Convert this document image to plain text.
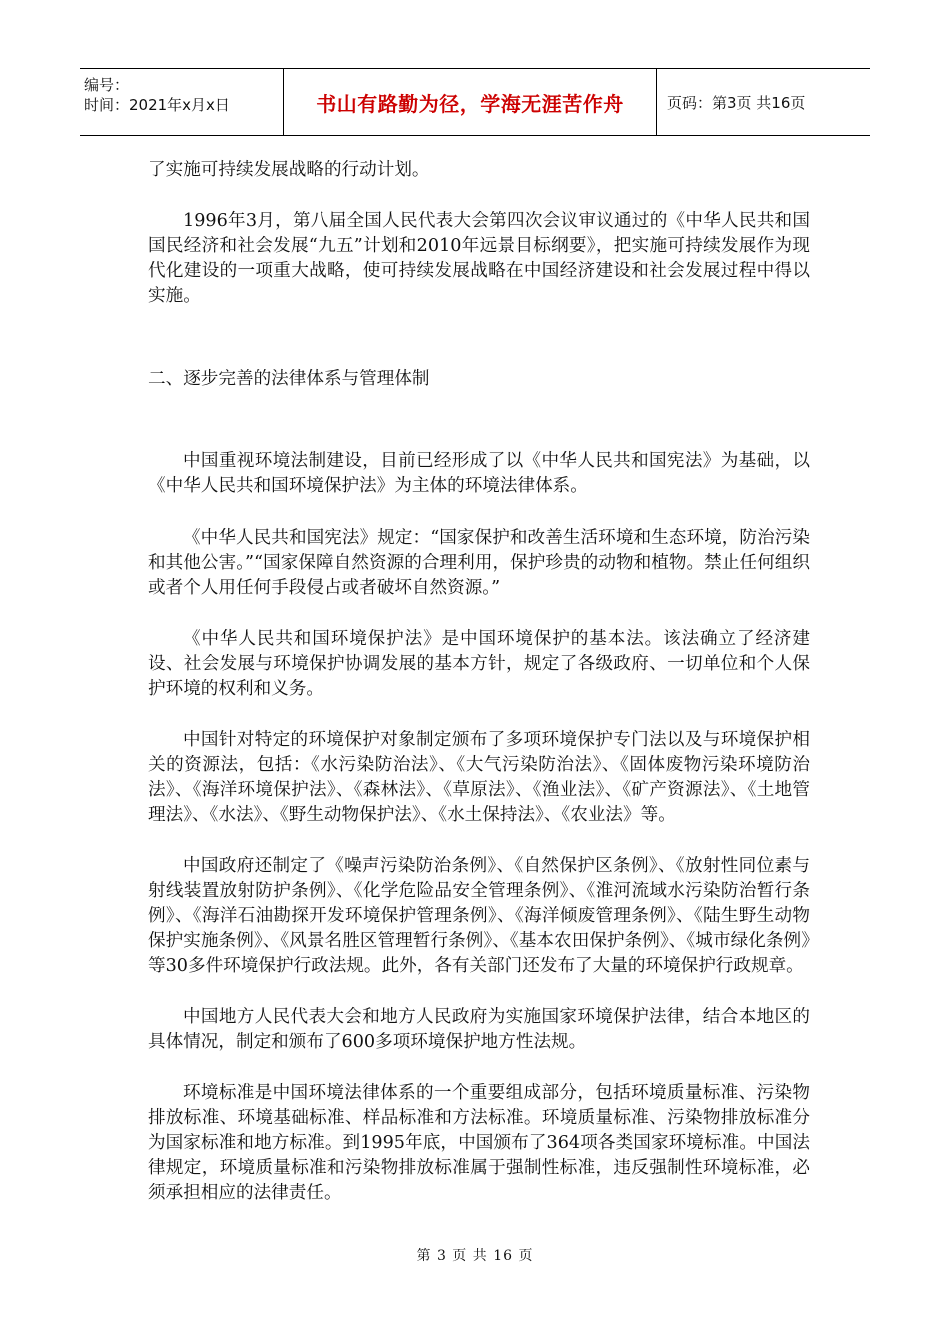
编号：
时间：2021年x月x日	书山有路勤为径，学海无涯苦作舟	页码：第3页 共16页

了实施可持续发展战略的行动计划。

1996年3月，第八届全国人民代表大会第四次会议审议通过的《中华人民共和国国民经济和社会发展“九五”计划和2010年远景目标纲要》，把实施可持续发展作为现代化建设的一项重大战略，使可持续发展战略在中国经济建设和社会发展过程中得以实施。

二、逐步完善的法律体系与管理体制

中国重视环境法制建设，目前已经形成了以《中华人民共和国宪法》为基础，以《中华人民共和国环境保护法》为主体的环境法律体系。

《中华人民共和国宪法》规定：“国家保护和改善生活环境和生态环境，防治污染和其他公害。”“国家保障自然资源的合理利用，保护珍贵的动物和植物。禁止任何组织或者个人用任何手段侵占或者破坏自然资源。”

《中华人民共和国环境保护法》是中国环境保护的基本法。该法确立了经济建设、社会发展与环境保护协调发展的基本方针，规定了各级政府、一切单位和个人保护环境的权利和义务。

中国针对特定的环境保护对象制定颁布了多项环境保护专门法以及与环境保护相关的资源法，包括：《水污染防治法》、《大气污染防治法》、《固体废物污染环境防治法》、《海洋环境保护法》、《森林法》、《草原法》、《渔业法》、《矿产资源法》、《土地管理法》、《水法》、《野生动物保护法》、《水土保持法》、《农业法》等。

中国政府还制定了《噪声污染防治条例》、《自然保护区条例》、《放射性同位素与射线装置放射防护条例》、《化学危险品安全管理条例》、《淮河流域水污染防治暂行条例》、《海洋石油勘探开发环境保护管理条例》、《海洋倾废管理条例》、《陆生野生动物保护实施条例》、《风景名胜区管理暂行条例》、《基本农田保护条例》、《城市绿化条例》等30多件环境保护行政法规。此外，各有关部门还发布了大量的环境保护行政规章。

中国地方人民代表大会和地方人民政府为实施国家环境保护法律，结合本地区的具体情况，制定和颁布了600多项环境保护地方性法规。

环境标准是中国环境法律体系的一个重要组成部分，包括环境质量标准、污染物排放标准、环境基础标准、样品标准和方法标准。环境质量标准、污染物排放标准分为国家标准和地方标准。到1995年底，中国颁布了364项各类国家环境标准。中国法律规定，环境质量标准和污染物排放标准属于强制性标准，违反强制性环境标准，必须承担相应的法律责任。

第 3 页 共 16 页
